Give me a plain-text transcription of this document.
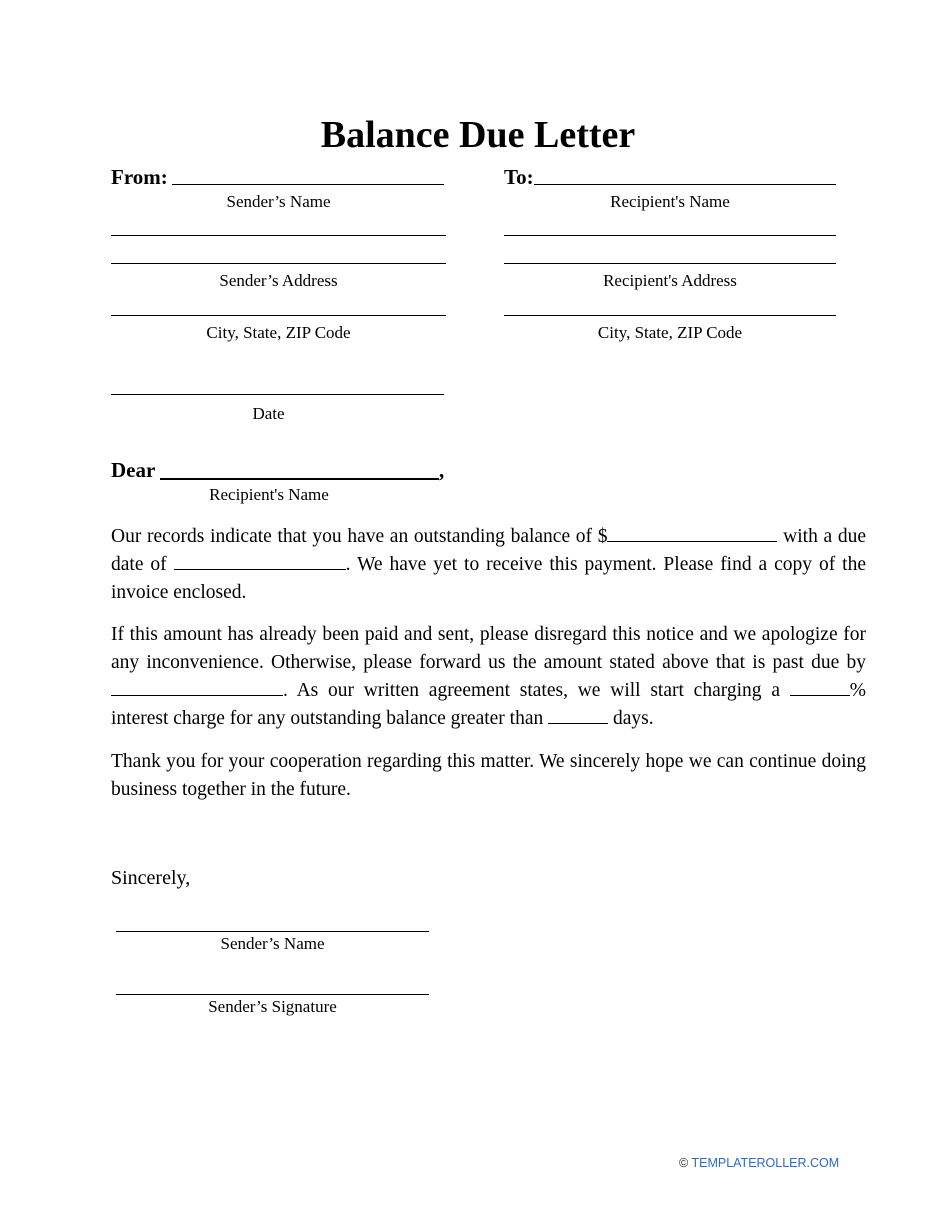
Balance Due Letter
From:
Sender’s Name
Sender’s Address
City, State, ZIP Code
Date
To:
Recipient's Name
Recipient's Address
City, State, ZIP Code
Dear	,
Recipient's Name
Our records indicate that you have an outstanding balance of $	with a due date of	. We have yet to receive this payment. Please find a copy of the invoice enclosed.
If this amount has already been paid and sent, please disregard this notice and we apologize for any inconvenience. Otherwise, please forward us the amount stated above that is past due by . As our written agreement states, we will start charging a	% interest charge for any outstanding balance greater than	days.
Thank you for your cooperation regarding this matter. We sincerely hope we can continue doing business together in the future.
Sincerely,
Sender’s Name
Sender’s Signature
© TEMPLATEROLLER.COM
